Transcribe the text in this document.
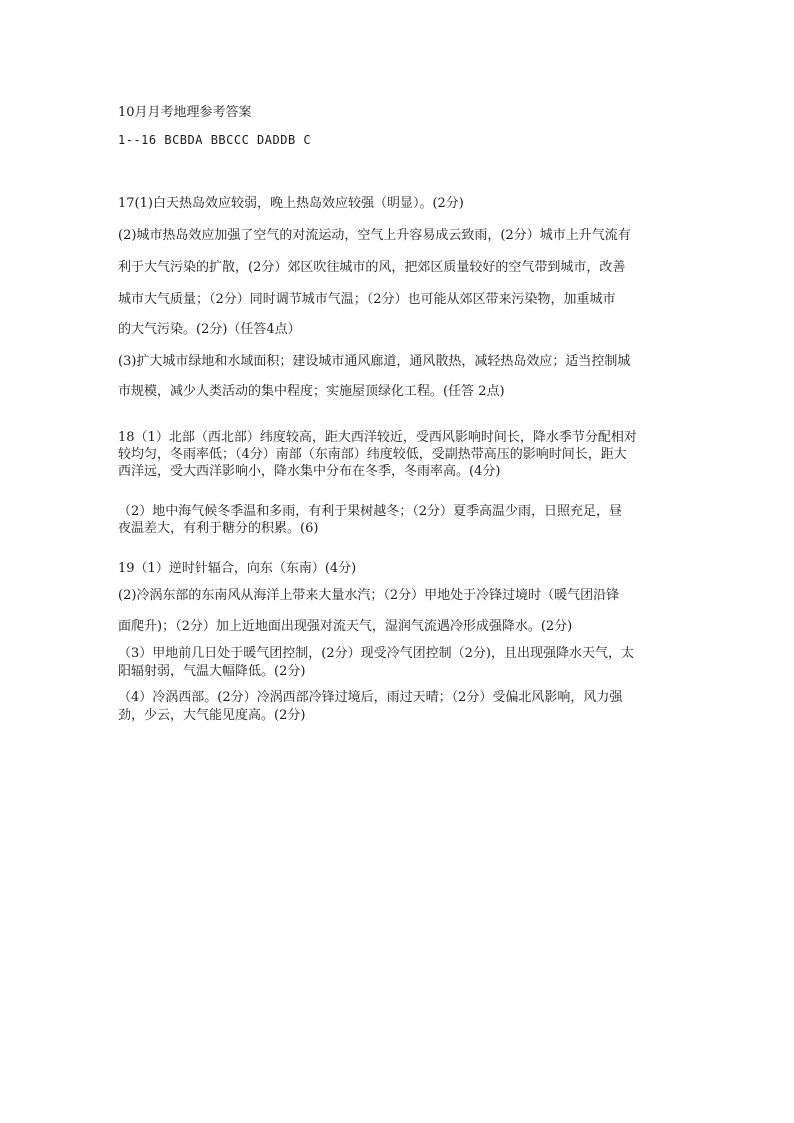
10月月考地理参考答案
1--16 BCBDA BBCCC DADDB C
17(1)白天热岛效应较弱，晚上热岛效应较强（明显）。(2分)
(2)城市热岛效应加强了空气的对流运动，空气上升容易成云致雨，(2分）城市上升气流有
利于大气污染的扩散，(2分）郊区吹往城市的风，把郊区质量较好的空气带到城市，改善
城市大气质量；（2分）同时调节城市气温；（2分）也可能从郊区带来污染物，加重城市
的大气污染。(2分)（任答4点）
(3)扩大城市绿地和水域面积；建设城市通风廊道，通风散热，减轻热岛效应；适当控制城
市规模，减少人类活动的集中程度；实施屋顶绿化工程。(任答 2点)
18（1）北部（西北部）纬度较高，距大西洋较近，受西风影响时间长，降水季节分配相对
较均匀，冬雨率低；（4分）南部（东南部）纬度较低，受副热带高压的影响时间长，距大
西洋远，受大西洋影响小，降水集中分布在冬季，冬雨率高。(4分)
（2）地中海气候冬季温和多雨，有利于果树越冬；（2分）夏季高温少雨，日照充足，昼
夜温差大，有利于糖分的积累。(6)
19（1）逆时针辐合，向东（东南）(4分)
(2)冷涡东部的东南风从海洋上带来大量水汽；（2分）甲地处于冷锋过境时（暖气团沿锋
面爬升)；（2分）加上近地面出现强对流天气，湿润气流遇冷形成强降水。(2分)
（3）甲地前几日处于暖气团控制，(2分）现受冷气团控制（2分)，且出现强降水天气，太
阳辐射弱，气温大幅降低。(2分)
（4）冷涡西部。(2分）冷涡西部冷锋过境后，雨过天晴；（2分）受偏北风影响，风力强
劲，少云，大气能见度高。(2分)
